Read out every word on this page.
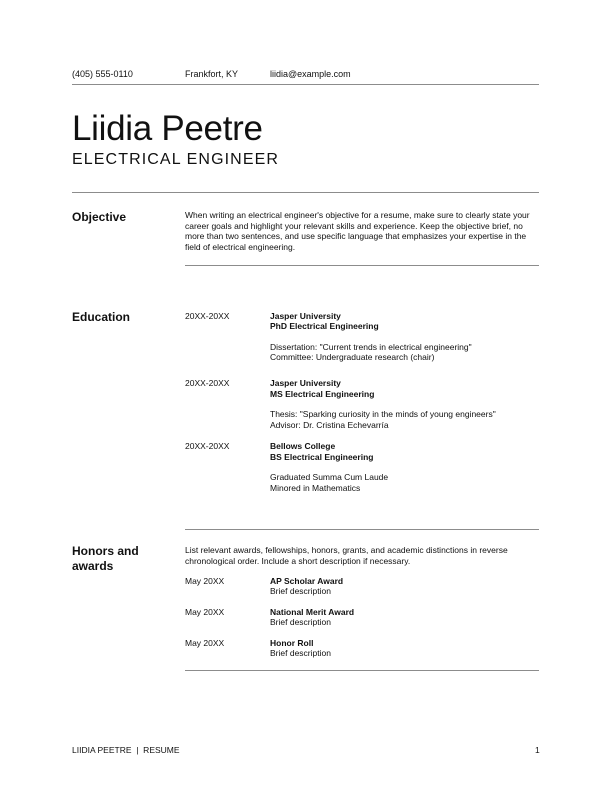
(405) 555-0110	Frankfort, KY	liidia@example.com
Liidia Peetre
ELECTRICAL ENGINEER
Objective	When writing an electrical engineer's objective for a resume, make sure to clearly state your career goals and highlight your relevant skills and experience. Keep the objective brief, no more than two sentences, and use specific language that emphasizes your expertise in the field of electrical engineering.
Education	20XX-20XX	Jasper University
PhD Electrical Engineering
Dissertation: "Current trends in electrical engineering"
Committee: Undergraduate research (chair)
20XX-20XX	Jasper University
MS Electrical Engineering
Thesis: "Sparking curiosity in the minds of young engineers"
Advisor: Dr. Cristina Echevarría
20XX-20XX	Bellows College
BS Electrical Engineering
Graduated Summa Cum Laude
Minored in Mathematics
Honors and
awards
List relevant awards, fellowships, honors, grants, and academic distinctions in reverse chronological order. Include a short description if necessary.
May 20XX	AP Scholar Award
Brief description
May 20XX	National Merit Award
Brief description
May 20XX	Honor Roll
Brief description
LIIDIA PEETRE  |  RESUME	1
